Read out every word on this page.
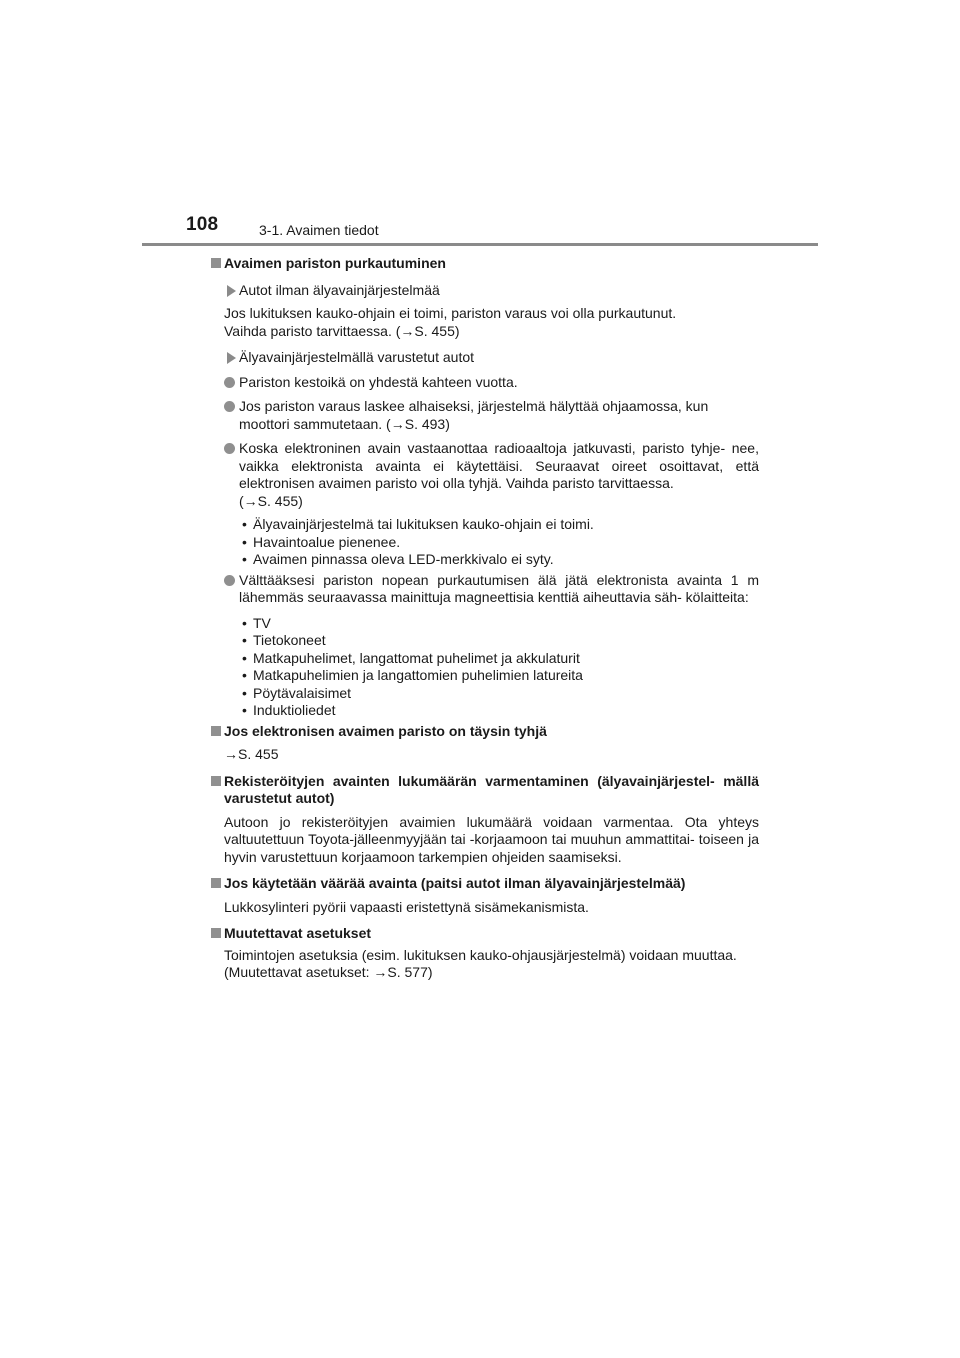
108	3-1. Avaimen tiedot
Avaimen pariston purkautuminen
Autot ilman älyavainjärjestelmää
Jos lukituksen kauko-ohjain ei toimi, pariston varaus voi olla purkautunut.
Vaihda paristo tarvittaessa. (→S. 455)
Älyavainjärjestelmällä varustetut autot
Pariston kestoikä on yhdestä kahteen vuotta.
Jos pariston varaus laskee alhaiseksi, järjestelmä hälyttää ohjaamossa, kun
moottori sammutetaan. (→S. 493)
Koska elektroninen avain vastaanottaa radioaaltoja jatkuvasti, paristo tyhje- nee, vaikka elektronista avainta ei käytettäisi. Seuraavat oireet osoittavat, että elektronisen avaimen paristo voi olla tyhjä. Vaihda paristo tarvittaessa.
(→S. 455)
• Älyavainjärjestelmä tai lukituksen kauko-ohjain ei toimi.
• Havaintoalue pienenee.
• Avaimen pinnassa oleva LED-merkkivalo ei syty.
Välttääksesi pariston nopean purkautumisen älä jätä elektronista avainta 1 m lähemmäs seuraavassa mainittuja magneettisia kenttiä aiheuttavia säh- kölaitteita:
• TV
• Tietokoneet
• Matkapuhelimet, langattomat puhelimet ja akkulaturit
• Matkapuhelimien ja langattomien puhelimien latureita
• Pöytävalaisimet
• Induktioliedet
Jos elektronisen avaimen paristo on täysin tyhjä
→S. 455
Rekisteröityjen avainten lukumäärän varmentaminen (älyavainjärjestel- mällä varustetut autot)
Autoon jo rekisteröityjen avaimien lukumäärä voidaan varmentaa. Ota yhteys valtuutettuun Toyota-jälleenmyyjään tai -korjaamoon tai muuhun ammattitai- toiseen ja hyvin varustettuun korjaamoon tarkempien ohjeiden saamiseksi.
Jos käytetään väärää avainta (paitsi autot ilman älyavainjärjestelmää)
Lukkosylinteri pyörii vapaasti eristettynä sisämekanismista.
Muutettavat asetukset
Toimintojen asetuksia (esim. lukituksen kauko-ohjausjärjestelmä) voidaan muuttaa.
(Muutettavat asetukset: →S. 577)
